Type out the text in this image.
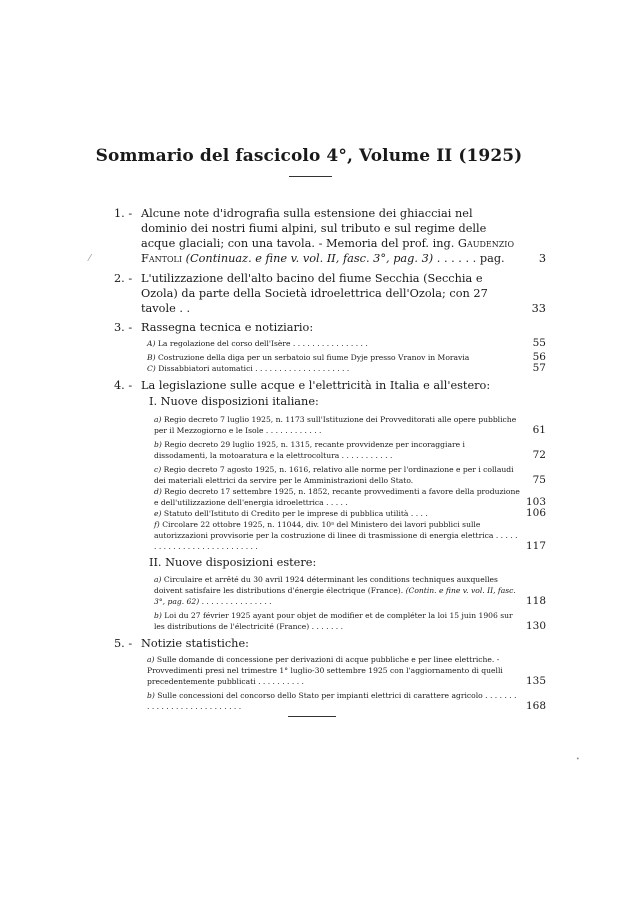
Sommario del fascicolo 4°, Volume II (1925)
⁄
•
1. - Alcune note d'idrografia sulla estensione dei ghiacciai nel dominio dei nostri fiumi alpini, sul tributo e sul regime delle acque glaciali; con una tavola. - Memoria del prof. ing. Gaudenzio Fantoli (Continuaz. e fine v. vol. II, fasc. 3°, pag. 3) . . . . . . pag.	3
2. - L'utilizzazione dell'alto bacino del fiume Secchia (Secchia e Ozola) da parte della Società idroelettrica dell'Ozola; con 27 tavole . .	33
3. - Rassegna tecnica e notiziario:
A) La regolazione del corso dell'Isère . . . . . . . . . . . . . . . .	55
B) Costruzione della diga per un serbatoio sul fiume Dyje presso Vranov in Moravia	56
C) Dissabbiatori automatici . . . . . . . . . . . . . . . . . . . .	57
4. - La legislazione sulle acque e l'elettricità in Italia e all'estero:
I. Nuove disposizioni italiane:
a) Regio decreto 7 luglio 1925, n. 1173 sull'Istituzione dei Provveditorati alle opere pubbliche per il Mezzogiorno e le Isole . . . . . . . . . . . .	61
b) Regio decreto 29 luglio 1925, n. 1315, recante provvidenze per incoraggiare i dissodamenti, la motoaratura e la elettrocoltura . . . . . . . . . . .	72
c) Regio decreto 7 agosto 1925, n. 1616, relativo alle norme per l'ordinazione e per i collaudi dei materiali elettrici da servire per le Amministrazioni dello Stato.	75
d) Regio decreto 17 settembre 1925, n. 1852, recante provvedimenti a favore della produzione e dell'utilizzazione dell'energia idroelettrica . . . . .	103
e) Statuto dell'Istituto di Credito per le imprese di pubblica utilità . . . .	106
f) Circolare 22 ottobre 1925, n. 11044, div. 10ᵃ del Ministero dei lavori pubblici sulle autorizzazioni provvisorie per la costruzione di linee di trasmissione di energia elettrica . . . . . . . . . . . . . . . . . . . . . . . . . . .	117
II. Nuove disposizioni estere:
a) Circulaire et arrêté du 30 avril 1924 déterminant les conditions techniques auxquelles doivent satisfaire les distributions d'énergie électrique (France). (Contin. e fine v. vol. II, fasc. 3°, pag. 62) . . . . . . . . . . . . . . .	118
b) Loi du 27 février 1925 ayant pour objet de modifier et de compléter la loi 15 juin 1906 sur les distributions de l'électricité (France) . . . . . . .	130
5. - Notizie statistiche:
a) Sulle domande di concessione per derivazioni di acque pubbliche e per linee elettriche. - Provvedimenti presi nel trimestre 1° luglio-30 settembre 1925 con l'aggiornamento di quelli precedentemente pubblicati . . . . . . . . . .	135
b) Sulle concessioni del concorso dello Stato per impianti elettrici di carattere agricolo . . . . . . . . . . . . . . . . . . . . . . . . . . .	168
